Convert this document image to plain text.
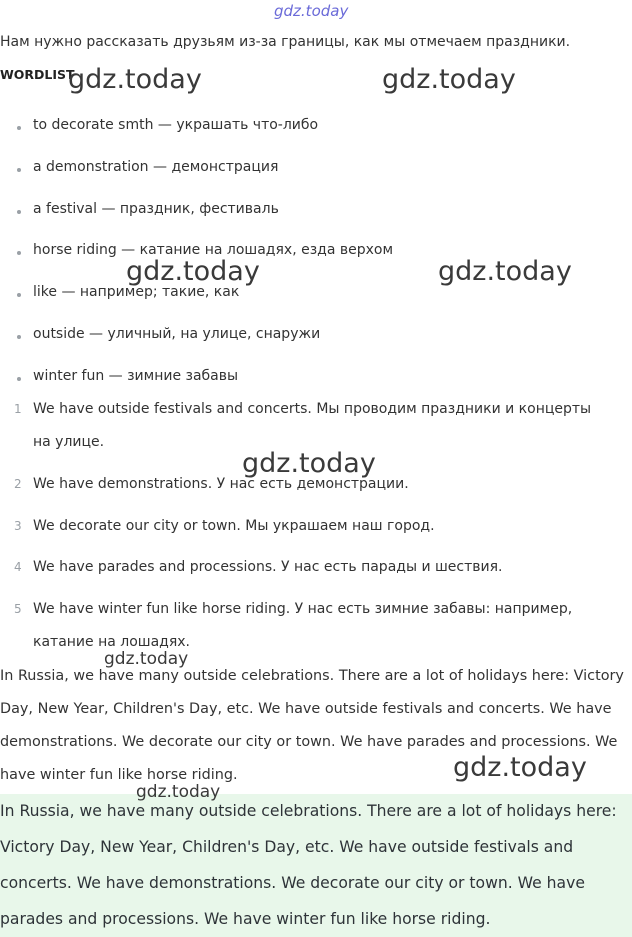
Нам нужно рассказать друзьям из-за границы, как мы отмечаем праздники.
WORDLIST
to decorate smth — украшать что-либо
a demonstration — демонстрация
a festival — праздник, фестиваль
horse riding — катание на лошадях, езда верхом
like — например; такие, как
outside — уличный, на улице, снаружи
winter fun — зимние забавы
1 We have outside festivals and concerts. Мы проводим праздники и концерты на улице.
2 We have demonstrations. У нас есть демонстрации.
3 We decorate our city or town. Мы украшаем наш город.
4 We have parades and processions. У нас есть парады и шествия.
5 We have winter fun like horse riding. У нас есть зимние забавы: например, катание на лошадях.
In Russia, we have many outside celebrations. There are a lot of holidays here: Victory Day, New Year, Children's Day, etc. We have outside festivals and concerts. We have demonstrations. We decorate our city or town. We have parades and processions. We have winter fun like horse riding.

In Russia, we have many outside celebrations. There are a lot of holidays here: Victory Day, New Year, Children's Day, etc. We have outside festivals and concerts. We have demonstrations. We decorate our city or town. We have parades and processions. We have winter fun like horse riding.

gdz.today
gdz.today	gdz.today
gdz.today	gdz.today
gdz.today
gdz.today
gdz.today
gdz.today
